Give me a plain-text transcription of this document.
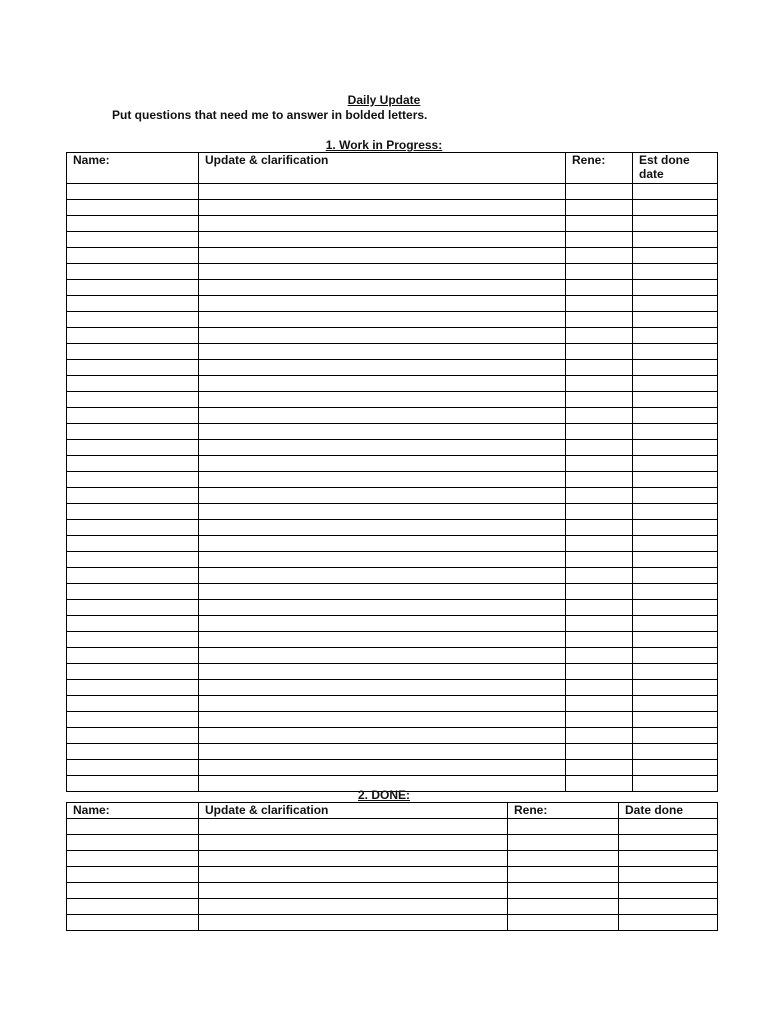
Daily Update
Put questions that need me to answer in bolded letters.
1. Work in Progress:
Name:	Update & clarification	Rene:	Est done date

2. DONE:
Name:	Update & clarification	Rene:	Date done
